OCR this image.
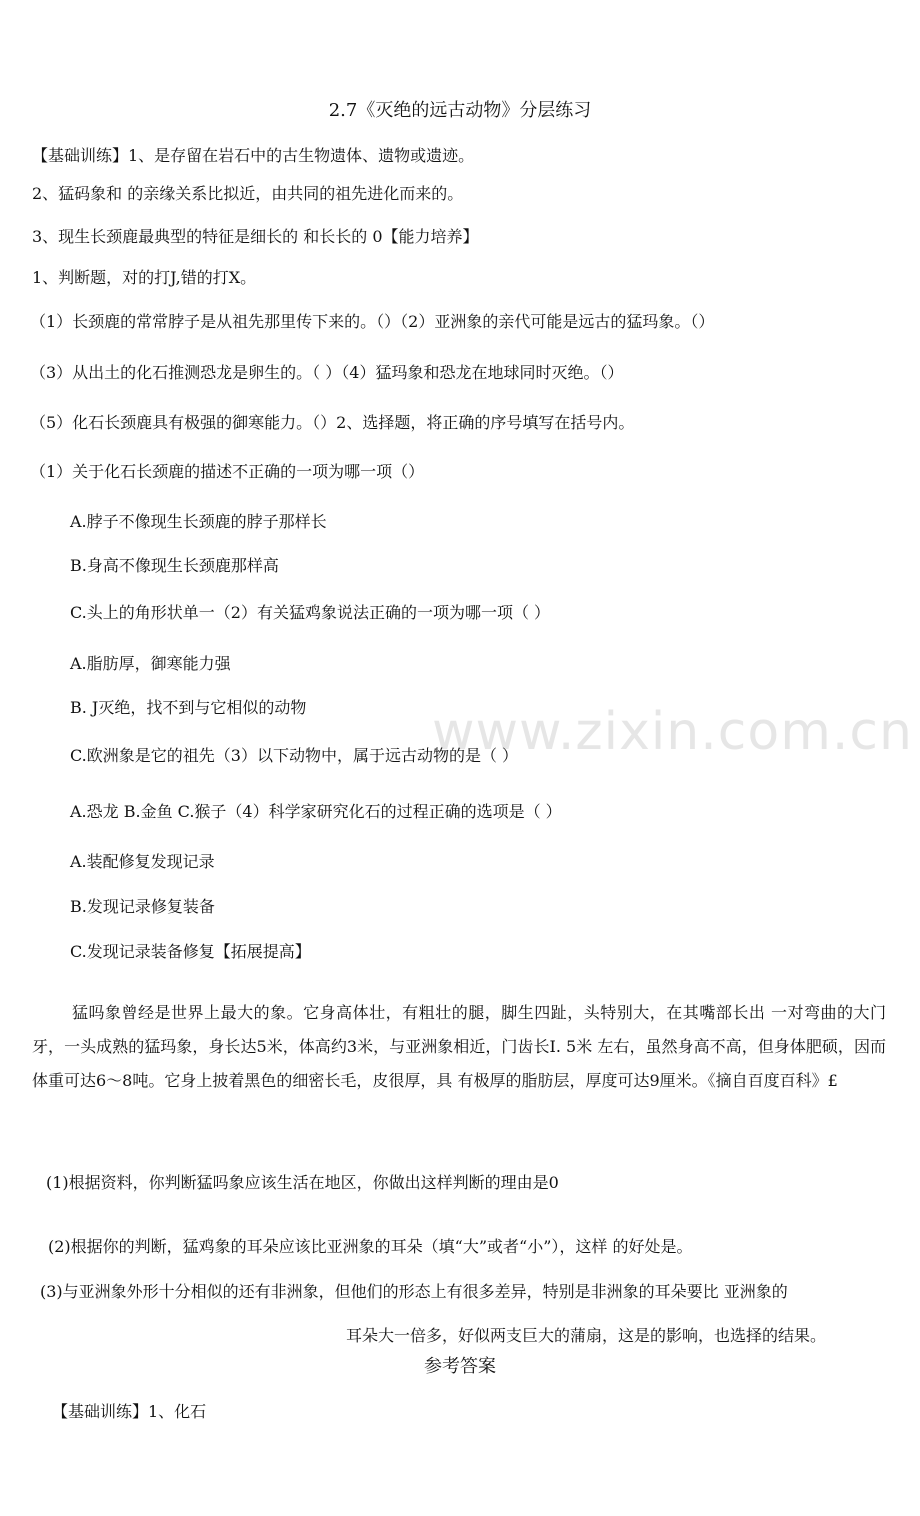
www.zixin.com.cn
2.7《灭绝的远古动物》分层练习
【基础训练】1、是存留在岩石中的古生物遗体、遗物或遗迹。
2、猛码象和 的亲缘关系比拟近，由共同的祖先进化而来的。
3、现生长颈鹿最典型的特征是细长的 和长长的 0【能力培养】
1、判断题，对的打J,错的打X。
（1）长颈鹿的常常脖子是从祖先那里传下来的。（）（2）亚洲象的亲代可能是远古的猛玛象。（）
（3）从出土的化石推测恐龙是卵生的。（ ）（4）猛玛象和恐龙在地球同时灭绝。（）
（5）化石长颈鹿具有极强的御寒能力。（）2、选择题，将正确的序号填写在括号内。
（1）关于化石长颈鹿的描述不正确的一项为哪一项（）
A.脖子不像现生长颈鹿的脖子那样长
B.身高不像现生长颈鹿那样高
C.头上的角形状单一（2）有关猛鸡象说法正确的一项为哪一项（ ）
A.脂肪厚，御寒能力强
B. J灭绝，找不到与它相似的动物
C.欧洲象是它的祖先（3）以下动物中，属于远古动物的是（ ）
A.恐龙 B.金鱼 C.猴子（4）科学家研究化石的过程正确的选项是（ ）
A.装配修复发现记录
B.发现记录修复装备
C.发现记录装备修复【拓展提高】
猛吗象曾经是世界上最大的象。它身高体壮，有粗壮的腿，脚生四趾，头特别大，在其嘴部长出 一对弯曲的大门牙，一头成熟的猛玛象，身长达5米，体高约3米，与亚洲象相近，门齿长I. 5米 左右，虽然身高不高，但身体肥硕，因而体重可达6〜8吨。它身上披着黑色的细密长毛，皮很厚，具 有极厚的脂肪层，厚度可达9厘米。《摘自百度百科》£
(1)根据资料，你判断猛吗象应该生活在地区，你做出这样判断的理由是0
(2)根据你的判断，猛鸡象的耳朵应该比亚洲象的耳朵（填“大”或者“小”），这样 的好处是。
(3)与亚洲象外形十分相似的还有非洲象，但他们的形态上有很多差异，特别是非洲象的耳朵要比 亚洲象的
耳朵大一倍多，好似两支巨大的蒲扇，这是的影响，也选择的结果。
参考答案
【基础训练】1、化石
